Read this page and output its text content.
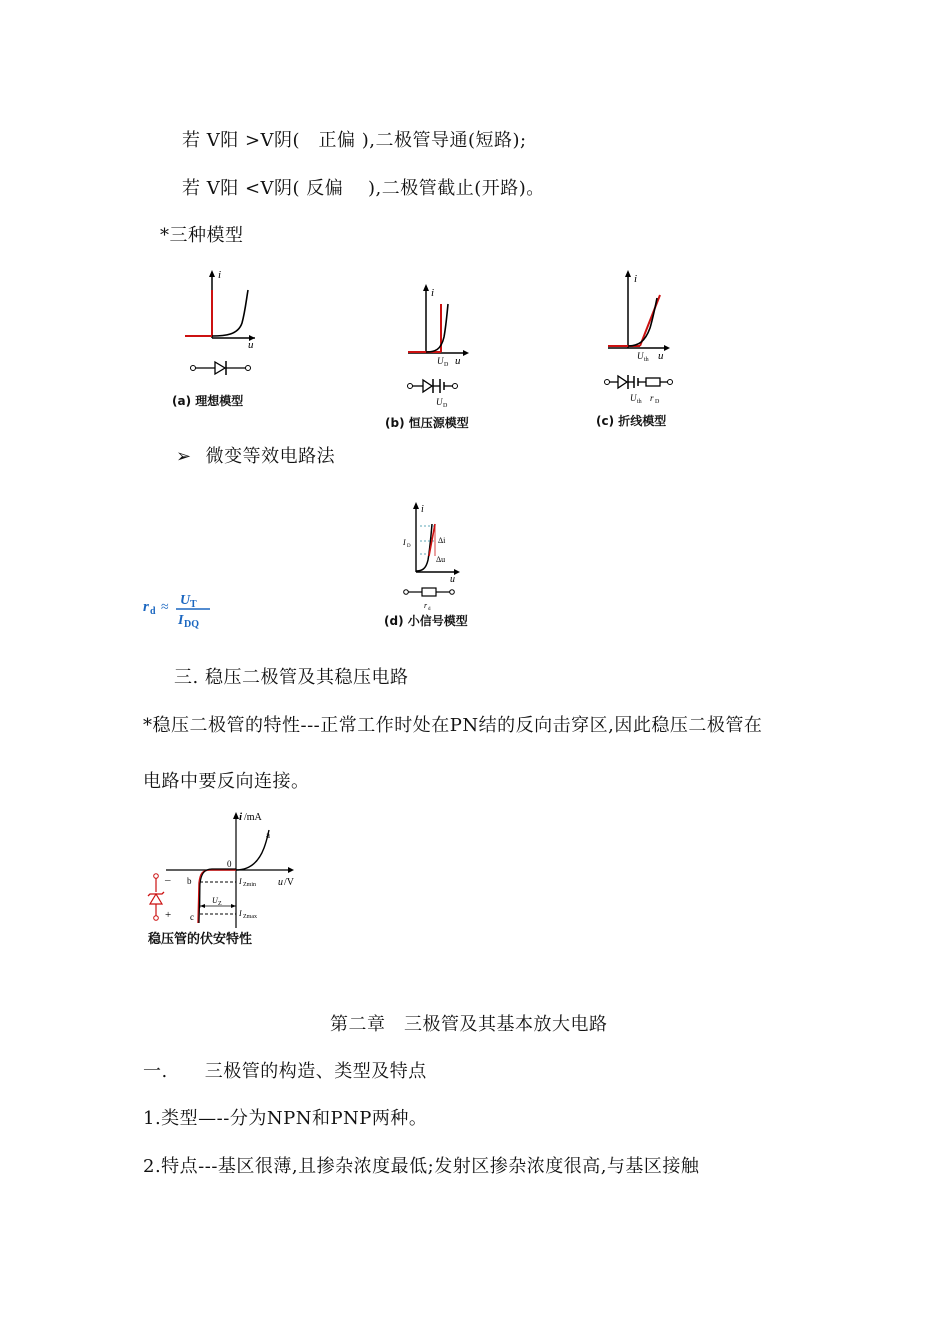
若 V阳 >V阴(　正偏 ),二极管导通(短路);
若 V阳 <V阴( 反偏　 ),二极管截止(开路)。
*三种模型
i
u
(a) 理想模型
i
U D u
U D
(b) 恒压源模型
i
U th u
U th r D
(c) 折线模型
➢ 微变等效电路法
r d ≈ U T
I DQ
i
I D
Δi
Δu
u
r d
(d) 小信号模型
三. 稳压二极管及其稳压电路
*稳压二极管的特性---正常工作时处在PN结的反向击穿区,因此稳压二极管在
电路中要反向连接。
i /mA
a
0
u /V
I Zmin
I Zmax
U Z
b
c
–
+
稳压管的伏安特性
第二章　三极管及其基本放大电路
一.　　三极管的构造、类型及特点
1.类型—--分为NPN和PNP两种。
2.特点---基区很薄,且掺杂浓度最低;发射区掺杂浓度很高,与基区接触
